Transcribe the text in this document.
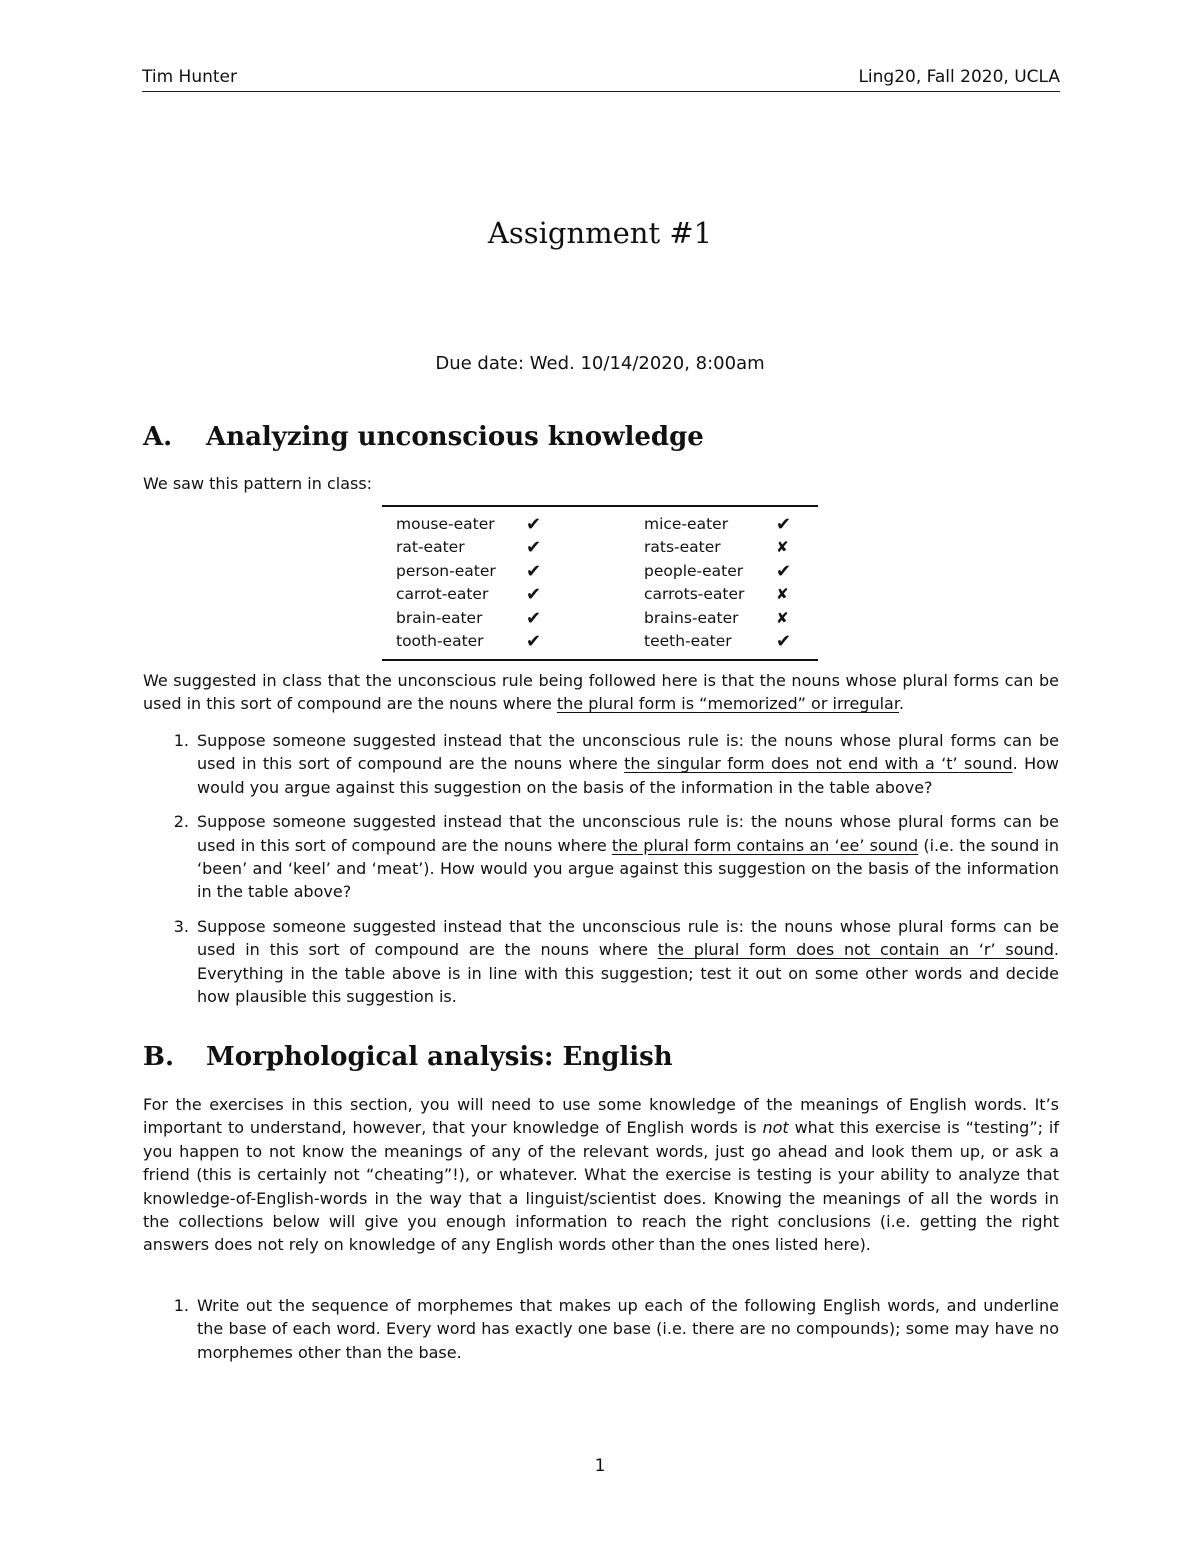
Tim Hunter	Ling20, Fall 2020, UCLA
Assignment #1
Due date: Wed. 10/14/2020, 8:00am
A.	Analyzing unconscious knowledge
We saw this pattern in class:
mouse-eater	✔	mice-eater	✔
rat-eater	✔	rats-eater	✘
person-eater	✔	people-eater	✔
carrot-eater	✔	carrots-eater	✘
brain-eater	✔	brains-eater	✘
tooth-eater	✔	teeth-eater	✔
We suggested in class that the unconscious rule being followed here is that the nouns whose plural forms can be used in this sort of compound are the nouns where the plural form is “memorized” or irregular.
1. Suppose someone suggested instead that the unconscious rule is: the nouns whose plural forms can be used in this sort of compound are the nouns where the singular form does not end with a ‘t’ sound. How would you argue against this suggestion on the basis of the information in the table above?
2. Suppose someone suggested instead that the unconscious rule is: the nouns whose plural forms can be used in this sort of compound are the nouns where the plural form contains an ‘ee’ sound (i.e. the sound in ‘been’ and ‘keel’ and ‘meat’). How would you argue against this suggestion on the basis of the information in the table above?
3. Suppose someone suggested instead that the unconscious rule is: the nouns whose plural forms can be used in this sort of compound are the nouns where the plural form does not contain an ‘r’ sound. Everything in the table above is in line with this suggestion; test it out on some other words and decide how plausible this suggestion is.
B.	Morphological analysis: English
For the exercises in this section, you will need to use some knowledge of the meanings of English words. It’s important to understand, however, that your knowledge of English words is not what this exercise is “testing”; if you happen to not know the meanings of any of the relevant words, just go ahead and look them up, or ask a friend (this is certainly not “cheating”!), or whatever. What the exercise is testing is your ability to analyze that knowledge-of-English-words in the way that a linguist/scientist does. Knowing the meanings of all the words in the collections below will give you enough information to reach the right conclusions (i.e. getting the right answers does not rely on knowledge of any English words other than the ones listed here).
1. Write out the sequence of morphemes that makes up each of the following English words, and underline the base of each word. Every word has exactly one base (i.e. there are no compounds); some may have no morphemes other than the base.
1
